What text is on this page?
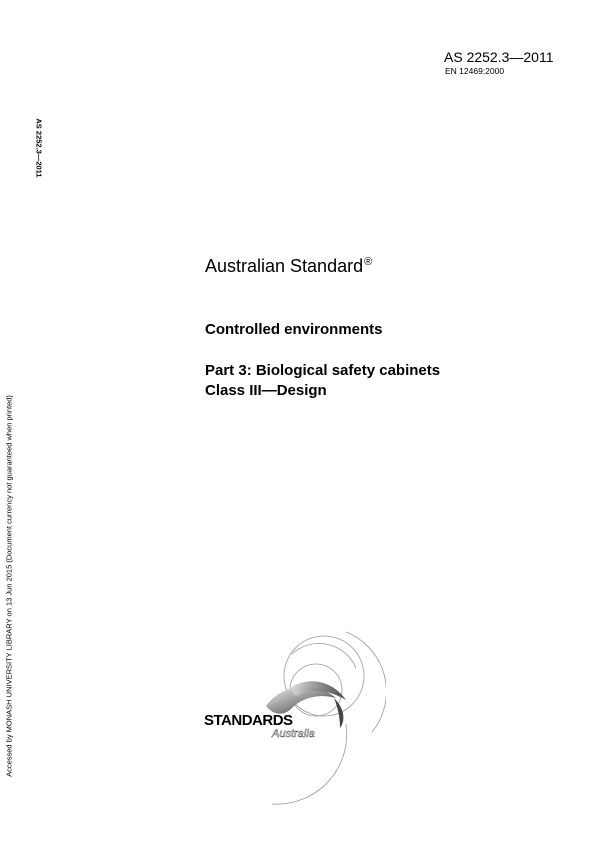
AS 2252.3—2011
EN 12469:2000
AS 2252.3—2011
Accessed by MONASH UNIVERSITY LIBRARY on 13 Jun 2015 (Document currency not guaranteed when printed)
Australian Standard®
Controlled environments
Part 3: Biological safety cabinets
Class III—Design
STANDARDS
Australia
